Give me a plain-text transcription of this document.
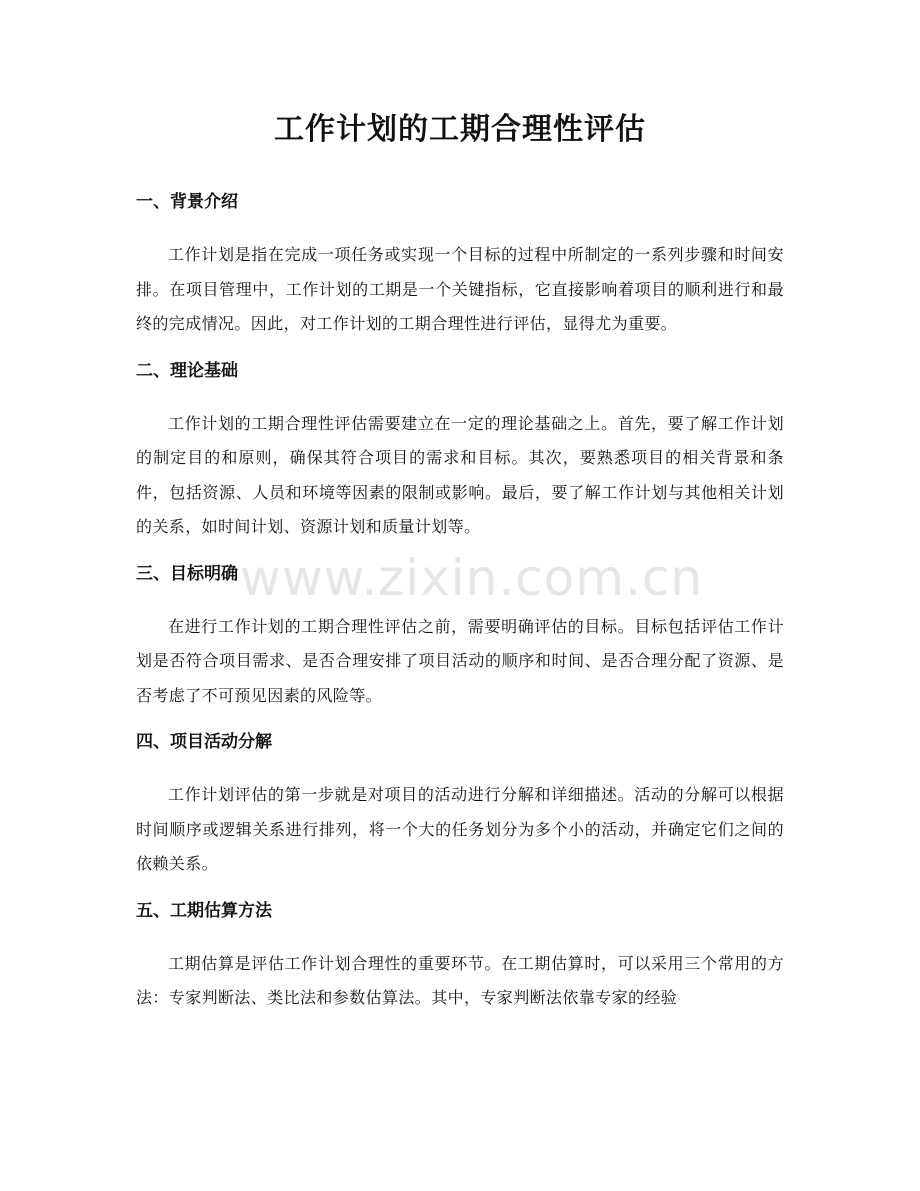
www.zixin.com.cn
工作计划的工期合理性评估
一、背景介绍

工作计划是指在完成一项任务或实现一个目标的过程中所制定的一系列步骤和时间安排。在项目管理中，工作计划的工期是一个关键指标，它直接影响着项目的顺利进行和最终的完成情况。因此，对工作计划的工期合理性进行评估，显得尤为重要。

二、理论基础

工作计划的工期合理性评估需要建立在一定的理论基础之上。首先，要了解工作计划的制定目的和原则，确保其符合项目的需求和目标。其次，要熟悉项目的相关背景和条件，包括资源、人员和环境等因素的限制或影响。最后，要了解工作计划与其他相关计划的关系，如时间计划、资源计划和质量计划等。

三、目标明确

在进行工作计划的工期合理性评估之前，需要明确评估的目标。目标包括评估工作计划是否符合项目需求、是否合理安排了项目活动的顺序和时间、是否合理分配了资源、是否考虑了不可预见因素的风险等。

四、项目活动分解

工作计划评估的第一步就是对项目的活动进行分解和详细描述。活动的分解可以根据时间顺序或逻辑关系进行排列，将一个大的任务划分为多个小的活动，并确定它们之间的依赖关系。

五、工期估算方法

工期估算是评估工作计划合理性的重要环节。在工期估算时，可以采用三个常用的方法：专家判断法、类比法和参数估算法。其中，专家判断法依靠专家的经验
